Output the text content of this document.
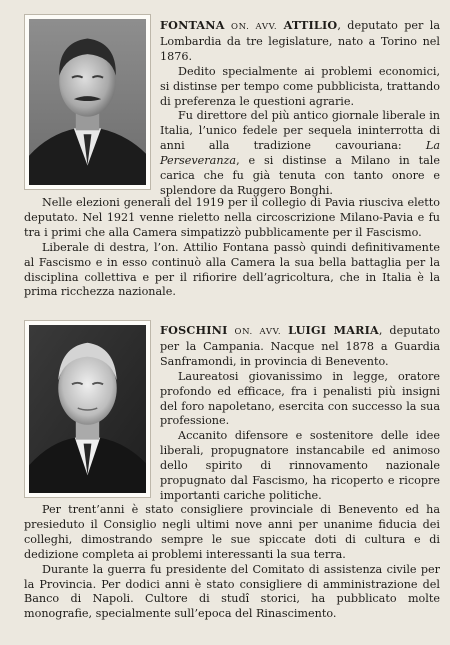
FONTANA ON. AVV. ATTILIO, deputato per la Lombardia da tre legislature, nato a Torino nel 1876.

Dedito specialmente ai problemi economici, si distinse per tempo come pubblicista, trattando di preferenza le questioni agrarie.

Fu direttore del più antico giornale liberale in Italia, l’unico fedele per sequela ininterrotta di anni alla tradizione cavouriana: La Perseveranza, e si distinse a Milano in tale carica che fu già tenuta con tanto onore e splendore da Ruggero Bonghi.

Nelle elezioni generali del 1919 per il collegio di Pavia riusciva eletto deputato. Nel 1921 venne rieletto nella circoscrizione Milano-Pavia e fu tra i primi che alla Camera simpatizzò pubblicamente per il Fascismo.

Liberale di destra, l’on. Attilio Fontana passò quindi definitivamente al Fascismo e in esso continuò alla Camera la sua bella battaglia per la disciplina collettiva e per il rifiorire dell’agricoltura, che in Italia è la prima ricchezza nazionale.

FOSCHINI ON. AVV. LUIGI MARIA, deputato per la Campania. Nacque nel 1878 a Guardia Sanframondi, in provincia di Benevento.

Laureatosi giovanissimo in legge, oratore profondo ed efficace, fra i penalisti più insigni del foro napoletano, esercita con successo la sua professione.

Accanito difensore e sostenitore delle idee liberali, propugnatore instancabile ed animoso dello spirito di rinnovamento nazionale propugnato dal Fascismo, ha ricoperto e ricopre importanti cariche politiche.

Per trent’anni è stato consigliere provinciale di Benevento ed ha presieduto il Consiglio negli ultimi nove anni per unanime fiducia dei colleghi, dimostrando sempre le sue spiccate doti di cultura e di dedizione completa ai problemi interessanti la sua terra.

Durante la guerra fu presidente del Comitato di assistenza civile per la Provincia. Per dodici anni è stato consigliere di amministrazione del Banco di Napoli. Cultore di studî storici, ha pubblicato molte monografie, specialmente sull’epoca del Rinascimento.
